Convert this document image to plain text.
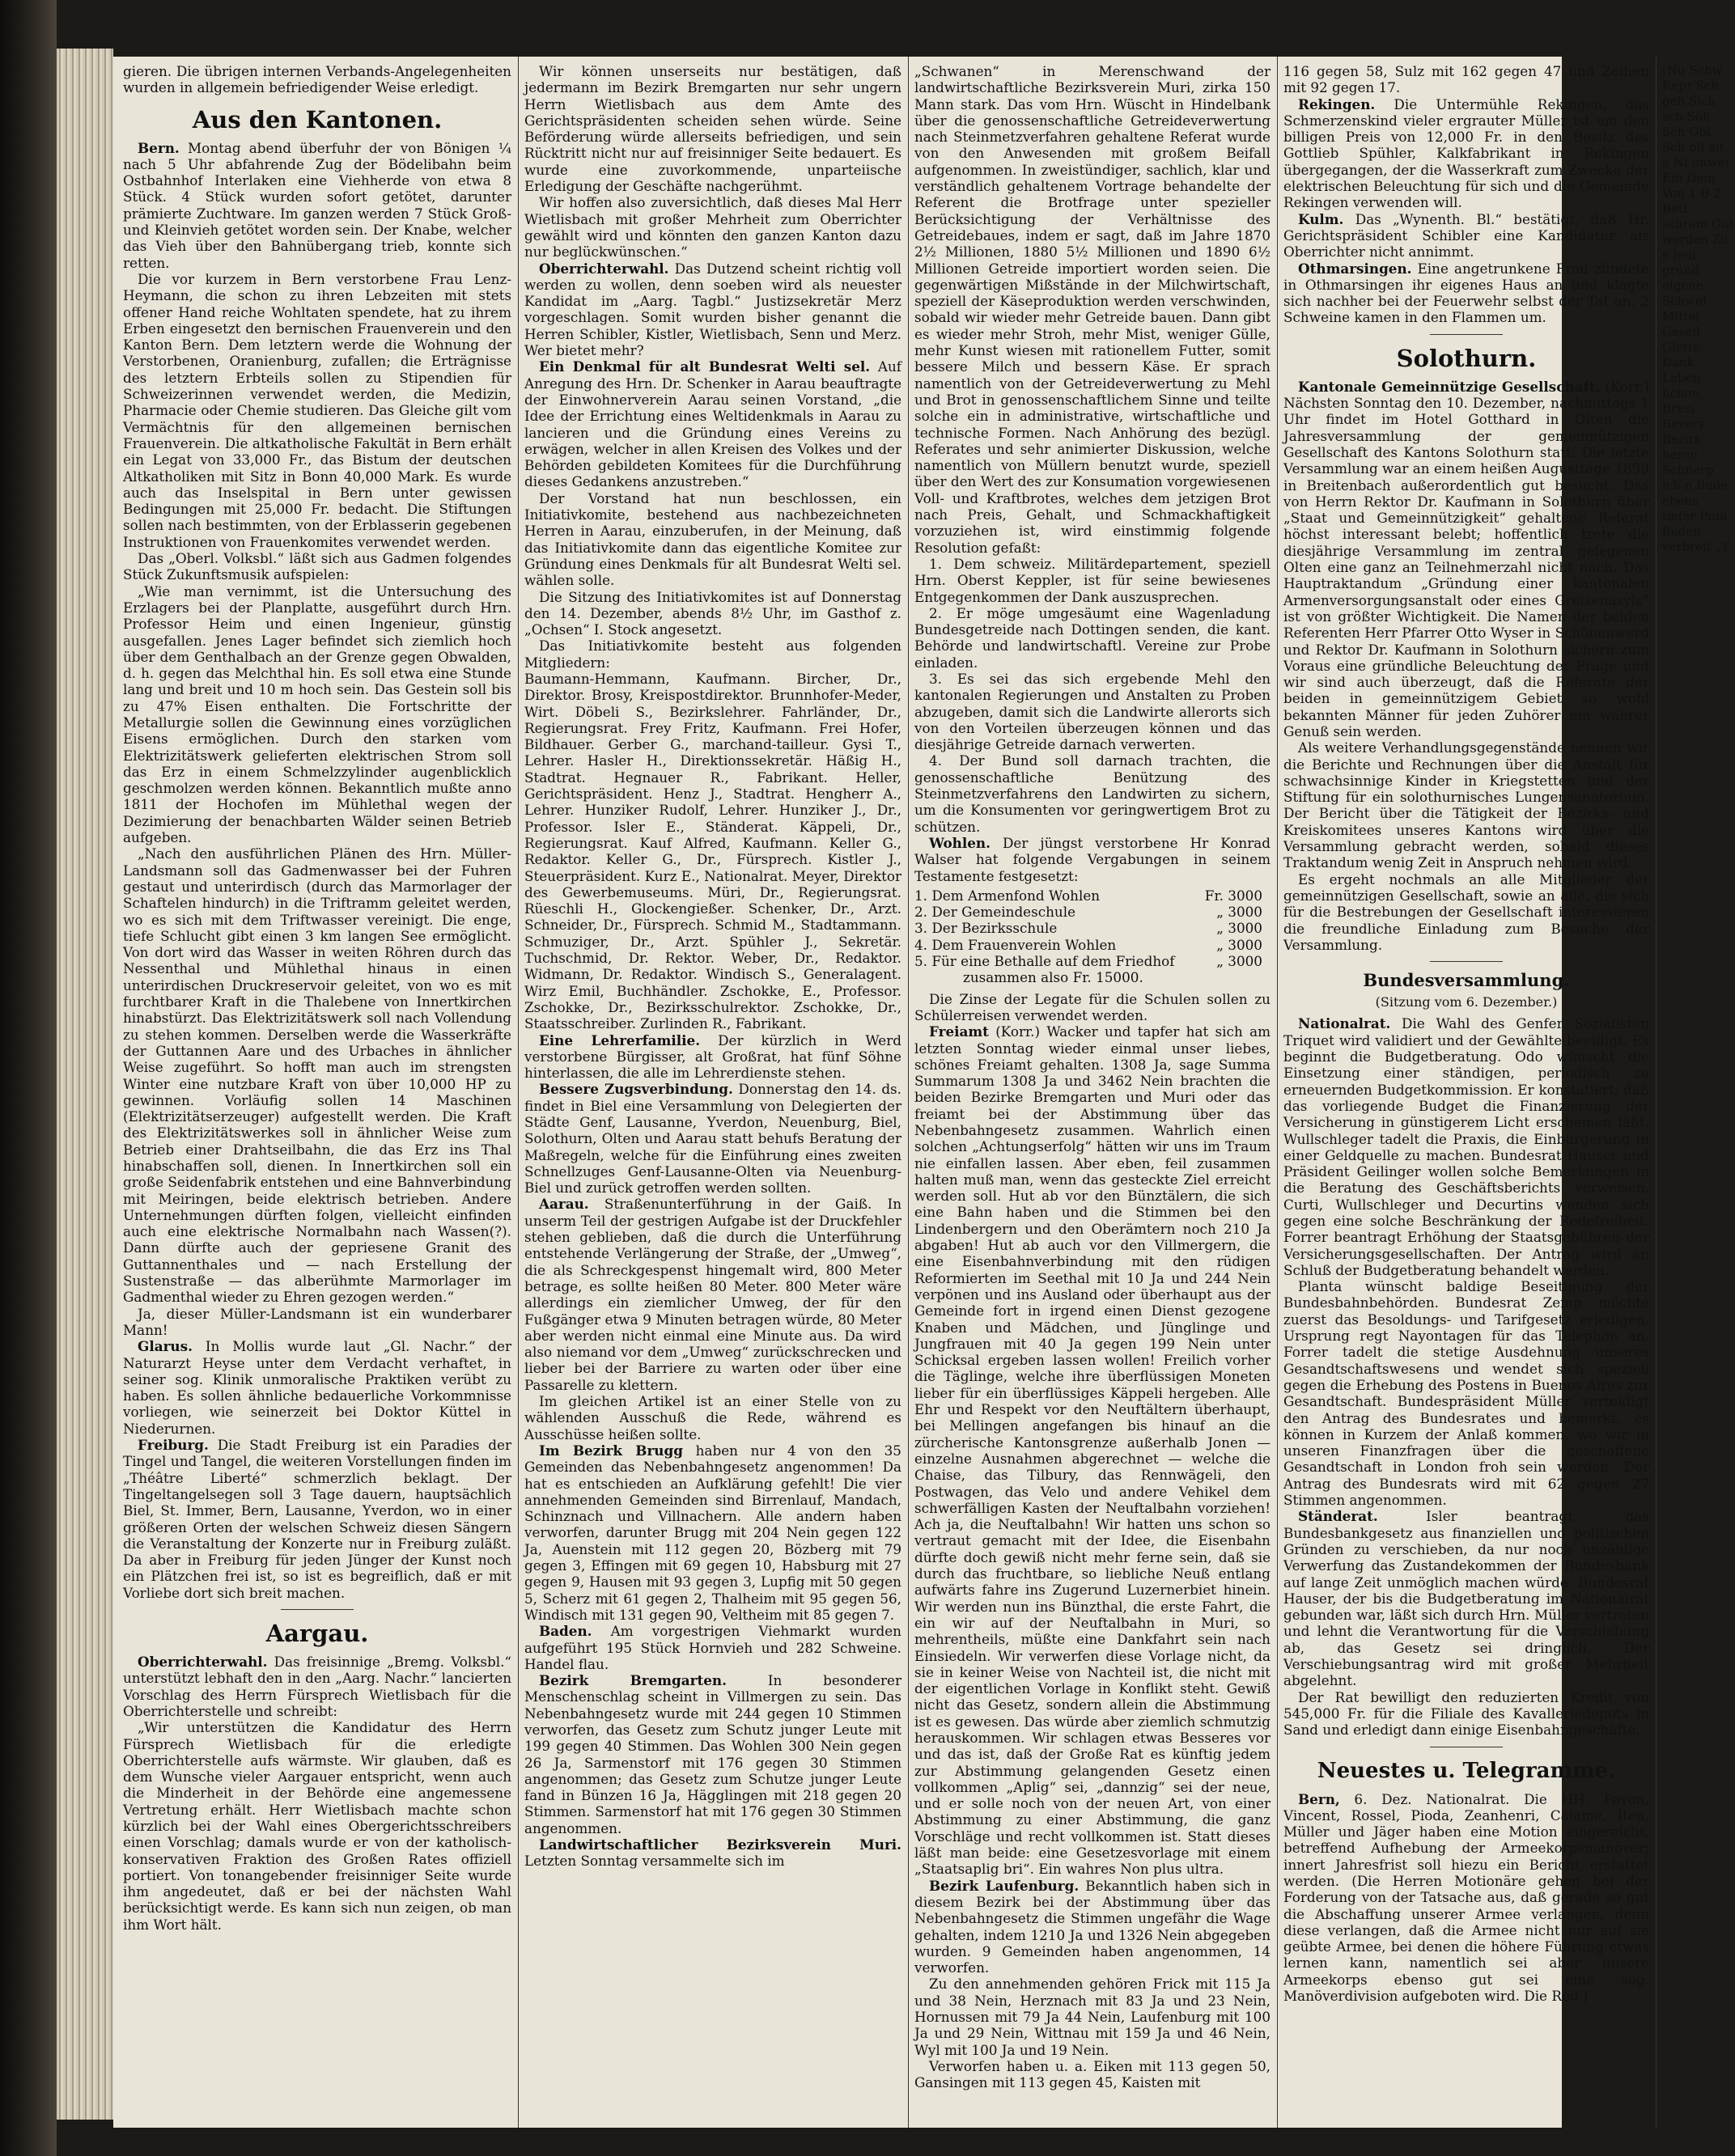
gieren. Die übrigen internen Verbands-Angelegenheiten wurden in allgemein befriedigender Weise erledigt.

Aus den Kantonen.

Bern. Montag abend überfuhr der von Bönigen ¼ nach 5 Uhr abfahrende Zug der Bödelibahn beim Ostbahnhof Interlaken eine Viehherde von etwa 8 Stück. 4 Stück wurden sofort getötet, darunter prämierte Zuchtware. Im ganzen werden 7 Stück Groß- und Kleinvieh getötet worden sein. Der Knabe, welcher das Vieh über den Bahnübergang trieb, konnte sich retten.

Die vor kurzem in Bern verstorbene Frau Lenz-Heymann, die schon zu ihren Lebzeiten mit stets offener Hand reiche Wohltaten spendete, hat zu ihrem Erben eingesetzt den bernischen Frauenverein und den Kanton Bern. Dem letztern werde die Wohnung der Verstorbenen, Oranienburg, zufallen; die Erträgnisse des letztern Erbteils sollen zu Stipendien für Schweizerinnen verwendet werden, die Medizin, Pharmacie oder Chemie studieren. Das Gleiche gilt vom Vermächtnis für den allgemeinen bernischen Frauenverein. Die altkatholische Fakultät in Bern erhält ein Legat von 33,000 Fr., das Bistum der deutschen Altkatholiken mit Sitz in Bonn 40,000 Mark. Es wurde auch das Inselspital in Bern unter gewissen Bedingungen mit 25,000 Fr. bedacht. Die Stiftungen sollen nach bestimmten, von der Erblasserin gegebenen Instruktionen von Frauenkomites verwendet werden.

Das „Oberl. Volksbl.“ läßt sich aus Gadmen folgendes Stück Zukunftsmusik aufspielen:

„Wie man vernimmt, ist die Untersuchung des Erzlagers bei der Planplatte, ausgeführt durch Hrn. Professor Heim und einen Ingenieur, günstig ausgefallen. Jenes Lager befindet sich ziemlich hoch über dem Genthalbach an der Grenze gegen Obwalden, d. h. gegen das Melchthal hin. Es soll etwa eine Stunde lang und breit und 10 m hoch sein. Das Gestein soll bis zu 47% Eisen enthalten. Die Fortschritte der Metallurgie sollen die Gewinnung eines vorzüglichen Eisens ermöglichen. Durch den starken vom Elektrizitätswerk gelieferten elektrischen Strom soll das Erz in einem Schmelzzylinder augenblicklich geschmolzen werden können. Bekanntlich mußte anno 1811 der Hochofen im Mühlethal wegen der Dezimierung der benachbarten Wälder seinen Betrieb aufgeben.

„Nach den ausführlichen Plänen des Hrn. Müller-Landsmann soll das Gadmenwasser bei der Fuhren gestaut und unterirdisch (durch das Marmorlager der Schaftelen hindurch) in die Triftramm geleitet werden, wo es sich mit dem Triftwasser vereinigt. Die enge, tiefe Schlucht gibt einen 3 km langen See ermöglicht. Von dort wird das Wasser in weiten Röhren durch das Nessenthal und Mühlethal hinaus in einen unterirdischen Druckreservoir geleitet, von wo es mit furchtbarer Kraft in die Thalebene von Innertkirchen hinabstürzt. Das Elektrizitätswerk soll nach Vollendung zu stehen kommen. Derselben werde die Wasserkräfte der Guttannen Aare und des Urbaches in ähnlicher Weise zugeführt. So hofft man auch im strengsten Winter eine nutzbare Kraft von über 10,000 HP zu gewinnen. Vorläufig sollen 14 Maschinen (Elektrizitätserzeuger) aufgestellt werden. Die Kraft des Elektrizitätswerkes soll in ähnlicher Weise zum Betrieb einer Drahtseilbahn, die das Erz ins Thal hinabschaffen soll, dienen. In Innertkirchen soll ein große Seidenfabrik entstehen und eine Bahnverbindung mit Meiringen, beide elektrisch betrieben. Andere Unternehmungen dürften folgen, vielleicht einfinden auch eine elektrische Normalbahn nach Wassen(?). Dann dürfte auch der gepriesene Granit des Guttannenthales und — nach Erstellung der Sustenstraße — das alberühmte Marmorlager im Gadmenthal wieder zu Ehren gezogen werden.“

Ja, dieser Müller-Landsmann ist ein wunderbarer Mann!

Glarus. In Mollis wurde laut „Gl. Nachr.“ der Naturarzt Heyse unter dem Verdacht verhaftet, in seiner sog. Klinik unmoralische Praktiken verübt zu haben. Es sollen ähnliche bedauerliche Vorkommnisse vorliegen, wie seinerzeit bei Doktor Küttel in Niederurnen.

Freiburg. Die Stadt Freiburg ist ein Paradies der Tingel und Tangel, die weiteren Vorstellungen finden im „Théâtre Liberté“ schmerzlich beklagt. Der Tingeltangelsegen soll 3 Tage dauern, hauptsächlich Biel, St. Immer, Bern, Lausanne, Yverdon, wo in einer größeren Orten der welschen Schweiz diesen Sängern die Veranstaltung der Konzerte nur in Freiburg zuläßt. Da aber in Freiburg für jeden Jünger der Kunst noch ein Plätzchen frei ist, so ist es begreiflich, daß er mit Vorliebe dort sich breit machen.

Aargau.

Oberrichterwahl. Das freisinnige „Bremg. Volksbl.“ unterstützt lebhaft den in den „Aarg. Nachr.“ lancierten Vorschlag des Herrn Fürsprech Wietlisbach für die Oberrichterstelle und schreibt:

„Wir unterstützen die Kandidatur des Herrn Fürsprech Wietlisbach für die erledigte Oberrichterstelle aufs wärmste. Wir glauben, daß es dem Wunsche vieler Aargauer entspricht, wenn auch die Minderheit in der Behörde eine angemessene Vertretung erhält. Herr Wietlisbach machte schon kürzlich bei der Wahl eines Obergerichtsschreibers einen Vorschlag; damals wurde er von der katholisch-konservativen Fraktion des Großen Rates offiziell portiert. Von tonangebender freisinniger Seite wurde ihm angedeutet, daß er bei der nächsten Wahl berücksichtigt werde. Es kann sich nun zeigen, ob man ihm Wort hält.

Wir können unserseits nur bestätigen, daß jedermann im Bezirk Bremgarten nur sehr ungern Herrn Wietlisbach aus dem Amte des Gerichtspräsidenten scheiden sehen würde. Seine Beförderung würde allerseits befriedigen, und sein Rücktritt nicht nur auf freisinniger Seite bedauert. Es wurde eine zuvorkommende, unparteiische Erledigung der Geschäfte nachgerühmt.

Wir hoffen also zuversichtlich, daß dieses Mal Herr Wietlisbach mit großer Mehrheit zum Oberrichter gewählt wird und könnten den ganzen Kanton dazu nur beglückwünschen.“

Oberrichterwahl. Das Dutzend scheint richtig voll werden zu wollen, denn soeben wird als neuester Kandidat im „Aarg. Tagbl.“ Justizsekretär Merz vorgeschlagen. Somit wurden bisher genannt die Herren Schibler, Kistler, Wietlisbach, Senn und Merz. Wer bietet mehr?

Ein Denkmal für alt Bundesrat Welti sel. Auf Anregung des Hrn. Dr. Schenker in Aarau beauftragte der Einwohnerverein Aarau seinen Vorstand, „die Idee der Errichtung eines Weltidenkmals in Aarau zu lancieren und die Gründung eines Vereins zu erwägen, welcher in allen Kreisen des Volkes und der Behörden gebildeten Komitees für die Durchführung dieses Gedankens anzustreben.“

Der Vorstand hat nun beschlossen, ein Initiativkomite, bestehend aus nachbezeichneten Herren in Aarau, einzuberufen, in der Meinung, daß das Initiativkomite dann das eigentliche Komitee zur Gründung eines Denkmals für alt Bundesrat Welti sel. wählen solle.

Die Sitzung des Initiativkomites ist auf Donnerstag den 14. Dezember, abends 8½ Uhr, im Gasthof z. „Ochsen“ I. Stock angesetzt.

Das Initiativkomite besteht aus folgenden Mitgliedern:

Baumann-Hemmann, Kaufmann. Bircher, Dr., Direktor. Brosy, Kreispostdirektor. Brunnhofer-Meder, Wirt. Döbeli S., Bezirkslehrer. Fahrländer, Dr., Regierungsrat. Frey Fritz, Kaufmann. Frei Hofer, Bildhauer. Gerber G., marchand-tailleur. Gysi T., Lehrer. Hasler H., Direktionssekretär. Häßig H., Stadtrat. Hegnauer R., Fabrikant. Heller, Gerichtspräsident. Henz J., Stadtrat. Hengherr A., Lehrer. Hunziker Rudolf, Lehrer. Hunziker J., Dr., Professor. Isler E., Ständerat. Käppeli, Dr., Regierungsrat. Kauf Alfred, Kaufmann. Keller G., Redaktor. Keller G., Dr., Fürsprech. Kistler J., Steuerpräsident. Kurz E., Nationalrat. Meyer, Direktor des Gewerbemuseums. Müri, Dr., Regierungsrat. Rüeschli H., Glockengießer. Schenker, Dr., Arzt. Schneider, Dr., Fürsprech. Schmid M., Stadtammann. Schmuziger, Dr., Arzt. Spühler J., Sekretär. Tuchschmid, Dr. Rektor. Weber, Dr., Redaktor. Widmann, Dr. Redaktor. Windisch S., Generalagent. Wirz Emil, Buchhändler. Zschokke, E., Professor. Zschokke, Dr., Bezirksschulrektor. Zschokke, Dr., Staatsschreiber. Zurlinden R., Fabrikant.

Eine Lehrerfamilie. Der kürzlich in Werd verstorbene Bürgisser, alt Großrat, hat fünf Söhne hinterlassen, die alle im Lehrerdienste stehen.

Bessere Zugsverbindung. Donnerstag den 14. ds. findet in Biel eine Versammlung von Delegierten der Städte Genf, Lausanne, Yverdon, Neuenburg, Biel, Solothurn, Olten und Aarau statt behufs Beratung der Maßregeln, welche für die Einführung eines zweiten Schnellzuges Genf-Lausanne-Olten via Neuenburg-Biel und zurück getroffen werden sollten.

Aarau. Straßenunterführung in der Gaiß. In unserm Teil der gestrigen Aufgabe ist der Druckfehler stehen geblieben, daß die durch die Unterführung entstehende Verlängerung der Straße, der „Umweg“, die als Schreckgespenst hingemalt wird, 800 Meter betrage, es sollte heißen 80 Meter. 800 Meter wäre allerdings ein ziemlicher Umweg, der für den Fußgänger etwa 9 Minuten betragen würde, 80 Meter aber werden nicht einmal eine Minute aus. Da wird also niemand vor dem „Umweg“ zurückschrecken und lieber bei der Barriere zu warten oder über eine Passarelle zu klettern.

Im gleichen Artikel ist an einer Stelle von zu wählenden Ausschuß die Rede, während es Ausschüsse heißen sollte.

Im Bezirk Brugg haben nur 4 von den 35 Gemeinden das Nebenbahngesetz angenommen! Da hat es entschieden an Aufklärung gefehlt! Die vier annehmenden Gemeinden sind Birrenlauf, Mandach, Schinznach und Villnachern. Alle andern haben verworfen, darunter Brugg mit 204 Nein gegen 122 Ja, Auenstein mit 112 gegen 20, Bözberg mit 79 gegen 3, Effingen mit 69 gegen 10, Habsburg mit 27 gegen 9, Hausen mit 93 gegen 3, Lupfig mit 50 gegen 5, Scherz mit 61 gegen 2, Thalheim mit 95 gegen 56, Windisch mit 131 gegen 90, Veltheim mit 85 gegen 7.

Baden. Am vorgestrigen Viehmarkt wurden aufgeführt 195 Stück Hornvieh und 282 Schweine. Handel flau.

Bezirk Bremgarten.	In besonderer Menschenschlag scheint in Villmergen zu sein. Das Nebenbahngesetz wurde mit 244 gegen 10 Stimmen verworfen, das Gesetz zum Schutz junger Leute mit 199 gegen 40 Stimmen. Das Wohlen 300 Nein gegen 26 Ja, Sarmenstorf mit 176 gegen 30 Stimmen angenommen; das Gesetz zum Schutze junger Leute fand in Bünzen 16 Ja, Hägglingen mit 218 gegen 20 Stimmen. Sarmenstorf hat mit 176 gegen 30 Stimmen angenommen.

Landwirtschaftlicher Bezirksverein Muri. Letzten Sonntag versammelte sich im

„Schwanen“ in Merenschwand der landwirtschaftliche Bezirksverein Muri, zirka 150 Mann stark. Das vom Hrn. Wüscht in Hindelbank über die genossenschaftliche Getreideverwertung nach Steinmetzverfahren gehaltene Referat wurde von den Anwesenden mit großem Beifall aufgenommen. In zweistündiger, sachlich, klar und verständlich gehaltenem Vortrage behandelte der Referent die Brotfrage unter spezieller Berücksichtigung der Verhältnisse des Getreidebaues, indem er sagt, daß im Jahre 1870 2½ Millionen, 1880 5½ Millionen und 1890 6½ Millionen Getreide importiert worden seien. Die gegenwärtigen Mißstände in der Milchwirtschaft, speziell der Käseproduktion werden verschwinden, sobald wir wieder mehr Getreide bauen. Dann gibt es wieder mehr Stroh, mehr Mist, weniger Gülle, mehr Kunst wiesen mit rationellem Futter, somit bessere Milch und bessern Käse. Er sprach namentlich von der Getreideverwertung zu Mehl und Brot in genossenschaftlichem Sinne und teilte solche ein in administrative, wirtschaftliche und technische Formen. Nach Anhörung des bezügl. Referates und sehr animierter Diskussion, welche namentlich von Müllern benutzt wurde, speziell über den Wert des zur Konsumation vorgewiesenen Voll- und Kraftbrotes, welches dem jetzigen Brot nach Preis, Gehalt, und Schmackhaftigkeit vorzuziehen ist, wird einstimmig folgende Resolution gefaßt:

1. Dem schweiz. Militärdepartement, speziell Hrn. Oberst Keppler, ist für seine bewiesenes Entgegenkommen der Dank auszusprechen.

2. Er möge umgesäumt eine Wagenladung Bundesgetreide nach Dottingen senden, die kant. Behörde und landwirtschaftl. Vereine zur Probe einladen.

3. Es sei das sich ergebende Mehl den kantonalen Regierungen und Anstalten zu Proben abzugeben, damit sich die Landwirte allerorts sich von den Vorteilen überzeugen können und das diesjährige Getreide darnach verwerten.

4. Der Bund soll darnach trachten, die genossenschaftliche Benützung des Steinmetzverfahrens den Landwirten zu sichern, um die Konsumenten vor geringwertigem Brot zu schützen.

Wohlen. Der jüngst verstorbene Hr Konrad Walser hat folgende Vergabungen in seinem Testamente festgesetzt:

1. Dem Armenfond Wohlen	Fr. 3000
2. Der Gemeindeschule	„ 3000
3. Der Bezirksschule	„ 3000
4. Dem Frauenverein Wohlen	„ 3000
5. Für eine Bethalle auf dem Friedhof	„ 3000
zusammen also Fr. 15000.

Die Zinse der Legate für die Schulen sollen zu Schülerreisen verwendet werden.

Freiamt (Korr.) Wacker und tapfer hat sich am letzten Sonntag wieder einmal unser liebes, schönes Freiamt gehalten. 1308 Ja, sage Summa Summarum 1308 Ja und 3462 Nein brachten die beiden Bezirke Bremgarten und Muri oder das freiamt bei der Abstimmung über das Nebenbahngesetz zusammen. Wahrlich einen solchen „Achtungserfolg“ hätten wir uns im Traum nie einfallen lassen. Aber eben, feil zusammen halten muß man, wenn das gesteckte Ziel erreicht werden soll. Hut ab vor den Bünztälern, die sich eine Bahn haben und die Stimmen bei den Lindenbergern und den Oberämtern noch 210 Ja abgaben! Hut ab auch vor den Villmergern, die eine Eisenbahnverbindung mit den rüdigen Reformierten im Seethal mit 10 Ja und 244 Nein verpönen und ins Ausland oder überhaupt aus der Gemeinde fort in irgend einen Dienst gezogene Knaben und Mädchen, und Jünglinge und Jungfrauen mit 40 Ja gegen 199 Nein unter Schicksal ergeben lassen wollen! Freilich vorher die Täglinge, welche ihre überflüssigen Moneten lieber für ein überflüssiges Käppeli hergeben. Alle Ehr und Respekt vor den Neuftältern überhaupt, bei Mellingen angefangen bis hinauf an die zürcherische Kantonsgrenze außerhalb Jonen — einzelne Ausnahmen abgerechnet — welche die Chaise, das Tilbury, das Rennwägeli, den Postwagen, das Velo und andere Vehikel dem schwerfälligen Kasten der Neuftalbahn vorziehen! Ach ja, die Neuftalbahn! Wir hatten uns schon so vertraut gemacht mit der Idee, die Eisenbahn dürfte doch gewiß nicht mehr ferne sein, daß sie durch das fruchtbare, so liebliche Neuß entlang aufwärts fahre ins Zugerund Luzernerbiet hinein. Wir werden nun ins Bünzthal, die erste Fahrt, die ein wir auf der Neuftalbahn in Muri, so mehrentheils, müßte eine Dankfahrt sein nach Einsiedeln. Wir verwerfen diese Vorlage nicht, da sie in keiner Weise von Nachteil ist, die nicht mit der eigentlichen Vorlage in Konflikt steht. Gewiß nicht das Gesetz, sondern allein die Abstimmung ist es gewesen. Das würde aber ziemlich schmutzig herauskommen. Wir schlagen etwas Besseres vor und das ist, daß der Große Rat es künftig jedem zur Abstimmung gelangenden Gesetz einen vollkommen „Aplig“ sei, „dannzig“ sei der neue, und er solle noch von der neuen Art, von einer Abstimmung zu einer Abstimmung, die ganz Vorschläge und recht vollkommen ist. Statt dieses läßt man beide: eine Gesetzesvorlage mit einem „Staatsaplig bri“. Ein wahres Non plus ultra.

Bezirk Laufenburg. Bekanntlich haben sich in diesem Bezirk bei der Abstimmung über das Nebenbahngesetz die Stimmen ungefähr die Wage gehalten, indem 1210 Ja und 1326 Nein abgegeben wurden. 9 Gemeinden haben angenommen, 14 verworfen.

Zu den annehmenden gehören Frick mit 115 Ja und 38 Nein, Herznach mit 83 Ja und 23 Nein, Hornussen mit 79 Ja 44 Nein, Laufenburg mit 100 Ja und 29 Nein, Wittnau mit 159 Ja und 46 Nein, Wyl mit 100 Ja und 19 Nein.

Verworfen haben u. a. Eiken mit 113 gegen 50, Gansingen mit 113 gegen 45, Kaisten mit

116 gegen 58, Sulz mit 162 gegen 47 und Zeihen mit 92 gegen 17.

Rekingen. Die Untermühle Rekingen, das Schmerzenskind vieler ergrauter Müller ist um den billigen Preis von 12,000 Fr. in den Besitz des Gottlieb Spühler, Kalkfabrikant in Rekingen übergegangen, der die Wasserkraft zum Zwecke der elektrischen Beleuchtung für sich und die Gemeinde Rekingen verwenden will.

Kulm. Das „Wynenth. Bl.“ bestätigt, daß Hr. Gerichtspräsident Schibler eine Kandidatur als Oberrichter nicht annimmt.

Othmarsingen. Eine angetrunkene Frau zündete in Othmarsingen ihr eigenes Haus an und klagte sich nachher bei der Feuerwehr selbst der Tat an. 2 Schweine kamen in den Flammen um.

Solothurn.

Kantonale Gemeinnützige Gesellschaft. (Korr.) Nächsten Sonntag den 10. Dezember, nachmittags 1 Uhr findet im Hotel Gotthard in Olten die Jahresversammlung der gemeinnützigen Gesellschaft des Kantons Solothurn statt. Die letzte Versammlung war an einem heißen Augusttage 1899 in Breitenbach außerordentlich gut besucht. Das von Herrn Rektor Dr. Kaufmann in Solothurn über „Staat und Gemeinnützigkeit“ gehaltene Referat höchst interessant belebt; hoffentlich trete die diesjährige Versammlung im zentral gelegenen Olten eine ganz an Teilnehmerzahl nicht nach. Das Hauptraktandum „Gründung einer kantonalen Armenversorgungsanstalt oder eines Greisenasyls“ ist von größter Wichtigkeit. Die Namen der beiden Referenten Herr Pfarrer Otto Wyser in Schönenwerd und Rektor Dr. Kaufmann in Solothurn sichern zum Voraus eine gründliche Beleuchtung der Frage und wir sind auch überzeugt, daß die Referate der beiden in gemeinnützigem Gebiet so wohl bekannten Männer für jeden Zuhörer ein wahrer Genuß sein werden.

Als weitere Verhandlungsgegenstände nennen wir die Berichte und Rechnungen über die Anstalt für schwachsinnige Kinder in Kriegstetten und der Stiftung für ein solothurnisches Lungensanatorium. Der Bericht über die Tätigkeit der Bezirks- und Kreiskomitees unseres Kantons wird über die Versammlung gebracht werden, sobald dieses Traktandum wenig Zeit in Anspruch nehmen wird.

Es ergeht nochmals an alle Mitglieder der gemeinnützigen Gesellschaft, sowie an alle, die sich für die Bestrebungen der Gesellschaft interessieren die freundliche Einladung zum Besuche der Versammlung.

Bundesversammlung.
(Sitzung vom 6. Dezember.)

Nationalrat. Die Wahl des Genfer Sozialisten Triquet wird validiert und der Gewählte beeidigt. Es beginnt die Budgetberatung. Odo wünscht die Einsetzung einer ständigen, periodisch zu erneuernden Budgetkommission. Er konstatiert, daß das vorliegende Budget die Finanzierung der Versicherung in günstigerem Licht erscheinen läßt. Wullschleger tadelt die Praxis, die Einbürgerung in einer Geldquelle zu machen. Bundesrat Hauser und Präsident Geilinger wollen solche Bemerkungen in die Beratung des Geschäftsberichts verweisen. Curti, Wullschleger und Decurtins wenden sich gegen eine solche Beschränkung der Redefreiheit. Forrer beantragt Erhöhung der Staatsgebühren der Versicherungsgesellschaften. Der Antrag wird an Schluß der Budgetberatung behandelt werden.

Planta wünscht baldige Beseitigung der Bundesbahnbehörden. Bundesrat Zemp möchte zuerst das Besoldungs- und Tarifgesetz erledigen. Ursprung regt Nayontagen für das Telephon an. Forrer tadelt die stetige Ausdehnung unseres Gesandtschaftswesens und wendet sich speziell gegen die Erhebung des Postens in Buenos Aires zur Gesandtschaft. Bundespräsident Müller verteidigt den Antrag des Bundesrates und bemerkt, es können in Kurzem der Anlaß kommen, wo wir in unseren Finanzfragen über die geschaffene Gesandtschaft in London froh sein werden. Der Antrag des Bundesrats wird mit 62 gegen 27 Stimmen angenommen.

Ständerat.	Isler beantragt, das Bundesbankgesetz aus finanziellen und politischen Gründen zu verschieben, da nur noch unzählige Verwerfung das Zustandekommen der Bundesbank auf lange Zeit unmöglich machen würde. Bundesrat Hauser, der bis die Budgetberatung im Nationalrat gebunden war, läßt sich durch Hrn. Müller vertreten und lehnt die Verantwortung für die Verschiebung ab, das Gesetz sei dringlich. Der Verschiebungsantrag wird mit großer Mehrheit abgelehnt.

Der Rat bewilligt den reduzierten Kredit von 545,000 Fr. für die Filiale des Kavalleriedepots in Sand und erledigt dann einige Eisenbahngeschäfte.

Neuestes u. Telegramme.

Bern, 6. Dez. Nationalrat. Die HH. Favon, Vincent, Rossel, Pioda, Zeanhenri, Calame, Iten, Müller und Jäger haben eine Motion eingereicht, betreffend Aufhebung der Armeekorpsmanöver; innert Jahresfrist soll hiezu ein Bericht erstattet werden. (Die Herren Motionäre gehen bei der Forderung von der Tatsache aus, daß gerade so gut die Abschaffung unserer Armee verlangen, denn diese verlangen, daß die Armee nicht nur auf sie geübte Armee, bei denen die höhere Führung etwas lernen kann, namentlich sei aber unsere Armeekorps ebenso gut sei eine sog. Manöverdivision aufgeboten wird. Die Red.)

(Nu Schw Repr Sch geh Sich sch Söh Sch Obl Sch bil alt, ä Ni unwei Ein Dem Von 1 B 2 Bett schram Gut werden Zu e iedr gründ eigene Schwei Mittel Gesell Glette Dank Leben lichen Brezi Revery Bezirk bereu Schnerp ich n Bude ebens tiefer Publ finden verbreit „T
